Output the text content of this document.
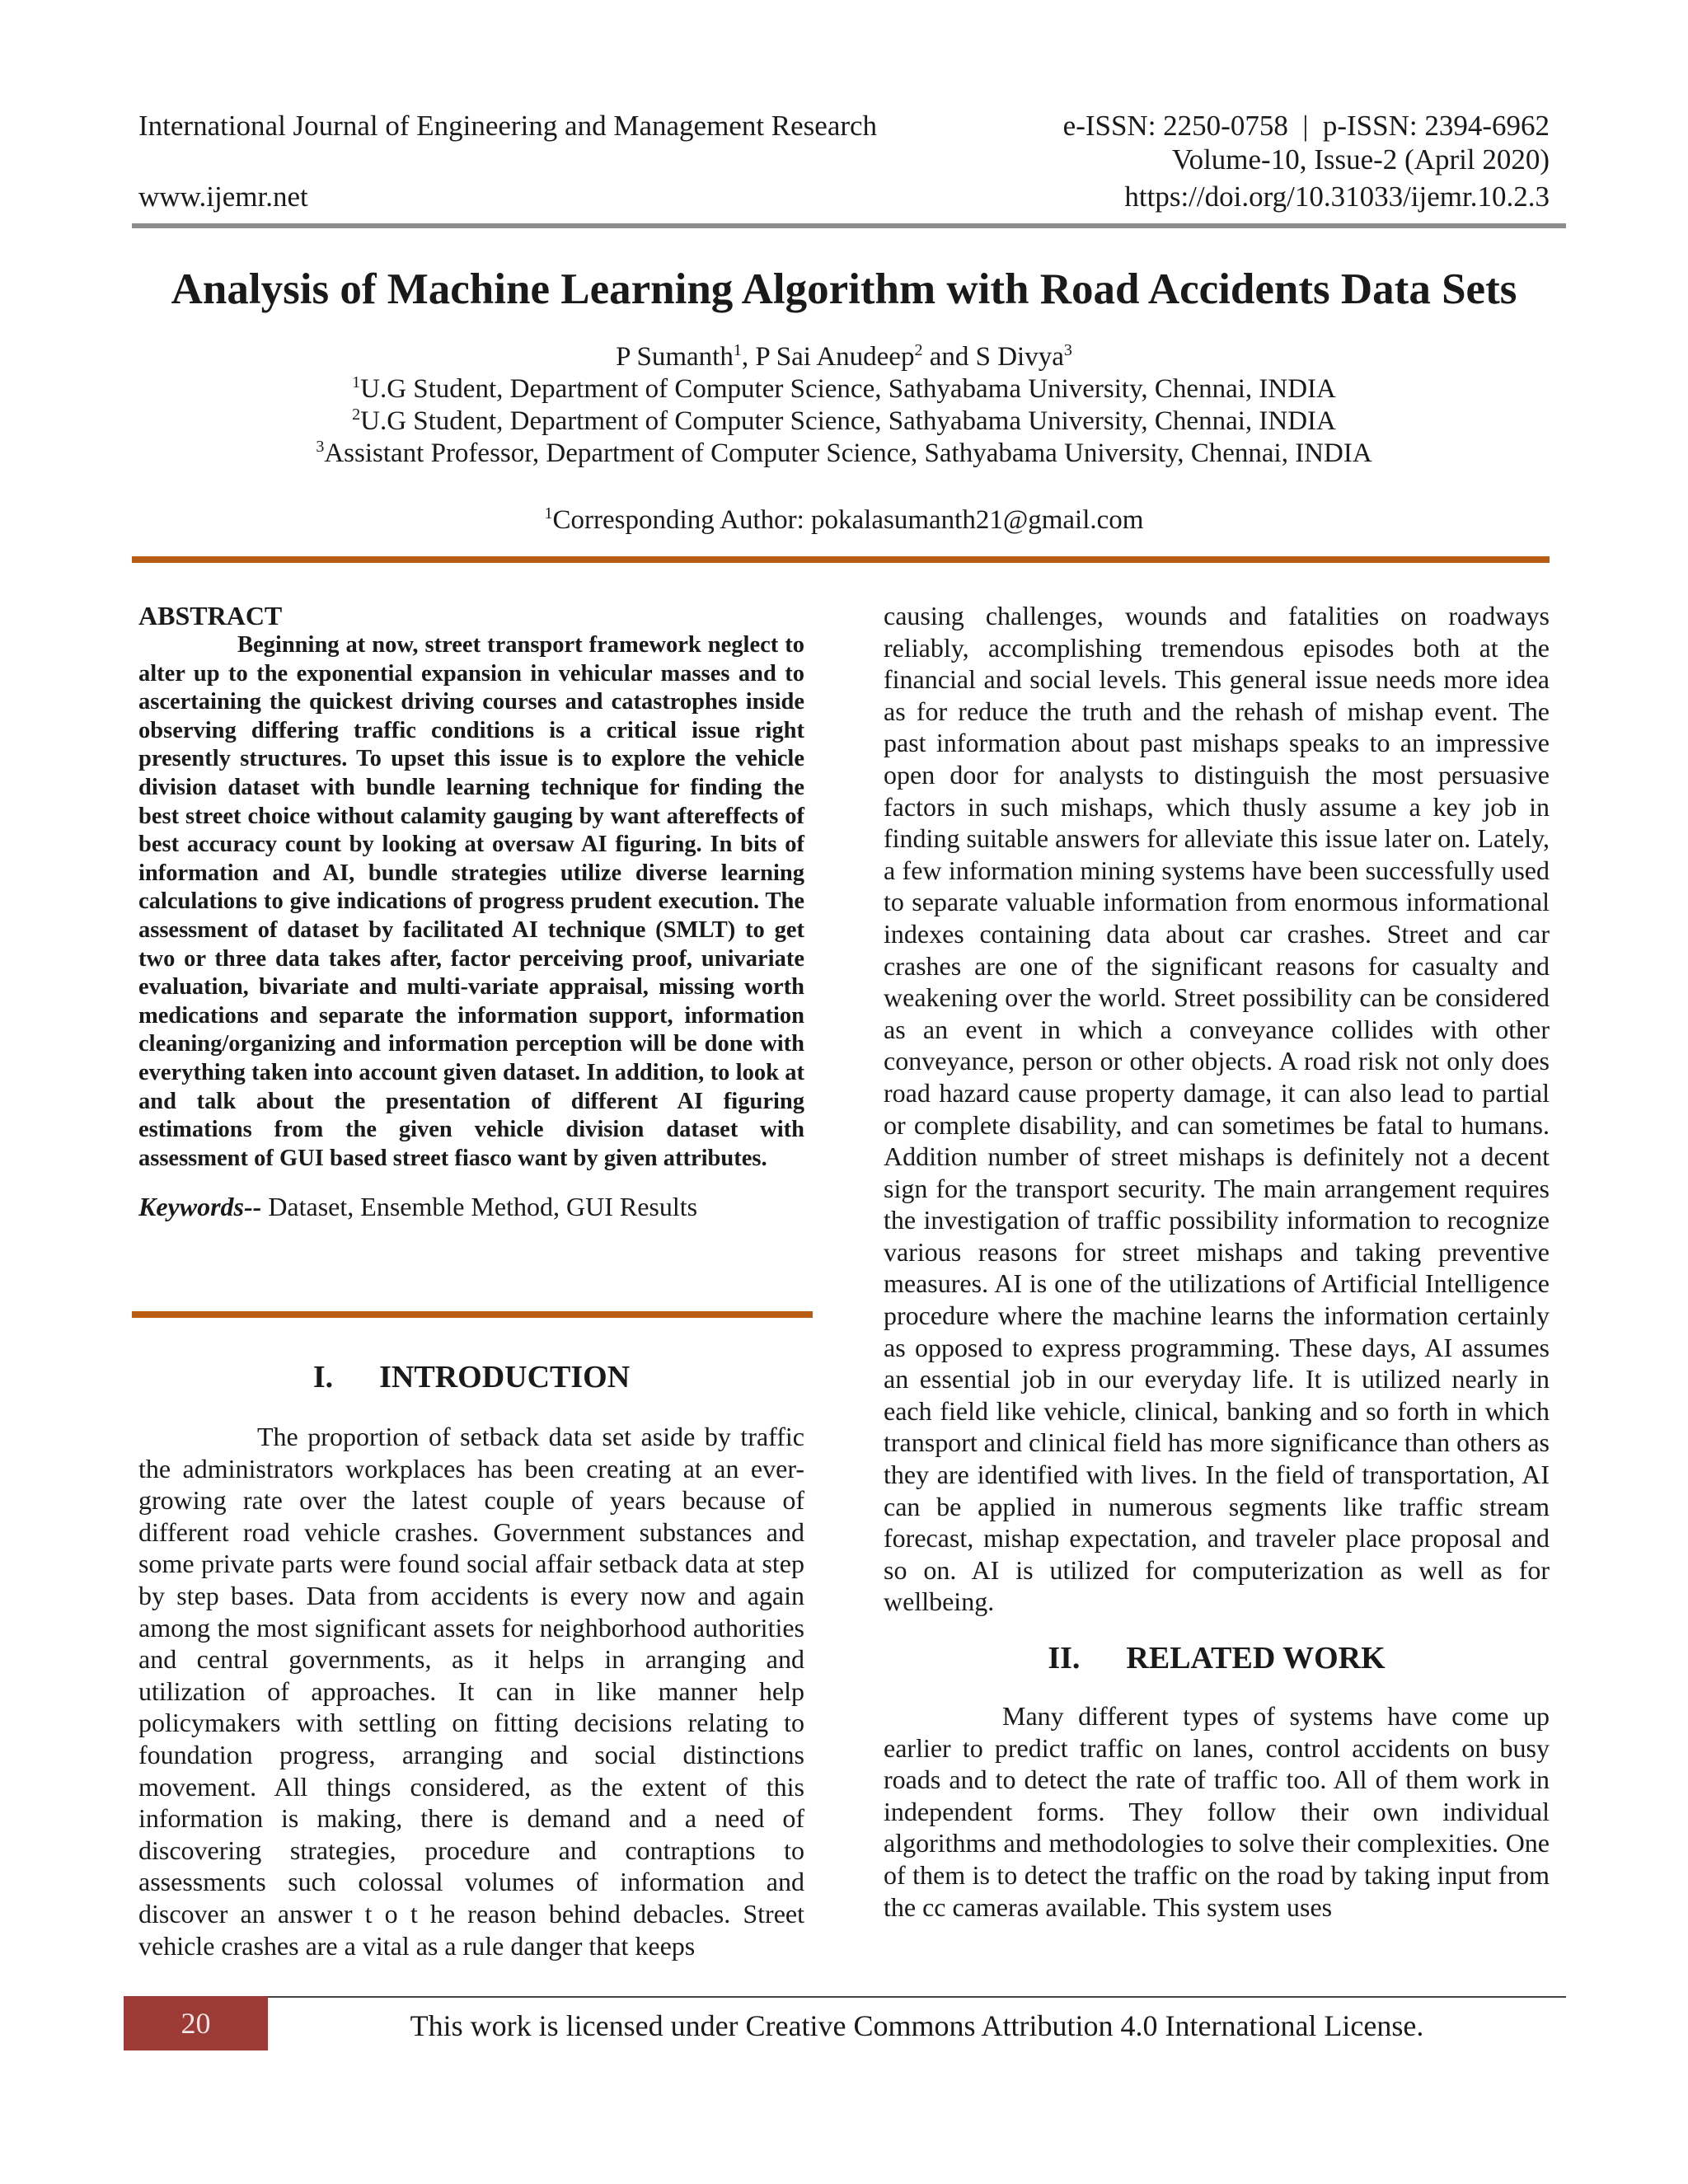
International Journal of Engineering and Management Research	e-ISSN: 2250-0758  |  p-ISSN: 2394-6962
Volume-10, Issue-2 (April 2020)
www.ijemr.net	https://doi.org/10.31033/ijemr.10.2.3
Analysis of Machine Learning Algorithm with Road Accidents Data Sets
P Sumanth$^1$, P Sai Anudeep$^2$ and S Divya$^3$
$^1$U.G Student, Department of Computer Science, Sathyabama University, Chennai, INDIA
$^2$U.G Student, Department of Computer Science, Sathyabama University, Chennai, INDIA
$^3$Assistant Professor, Department of Computer Science, Sathyabama University, Chennai, INDIA
$^1$Corresponding Author: pokalasumanth21@gmail.com
ABSTRACT
Beginning at now, street transport framework neglect to alter up to the exponential expansion in vehicular masses and to ascertaining the quickest driving courses and catastrophes inside observing differing traffic conditions is a critical issue right presently structures. To upset this issue is to explore the vehicle division dataset with bundle learning technique for finding the best street choice without calamity gauging by want aftereffects of best accuracy count by looking at oversaw AI figuring. In bits of information and AI, bundle strategies utilize diverse learning calculations to give indications of progress prudent execution. The assessment of dataset by facilitated AI technique (SMLT) to get two or three data takes after, factor perceiving proof, univariate evaluation, bivariate and multi-variate appraisal, missing worth medications and separate the information support, information cleaning/organizing and information perception will be done with everything taken into account given dataset. In addition, to look at and talk about the presentation of different AI figuring estimations from the given vehicle division dataset with assessment of GUI based street fiasco want by given attributes.
Keywords-- Dataset, Ensemble Method, GUI Results
I. INTRODUCTION
The proportion of setback data set aside by traffic the administrators workplaces has been creating at an ever-growing rate over the latest couple of years because of different road vehicle crashes. Government substances and some private parts were found social affair setback data at step by step bases. Data from accidents is every now and again among the most significant assets for neighborhood authorities and central governments, as it helps in arranging and utilization of approaches. It can in like manner help policymakers with settling on fitting decisions relating to foundation progress, arranging and social distinctions movement. All things considered, as the extent of this information is making, there is demand and a need of discovering strategies, procedure and contraptions to assessments such colossal volumes of information and discover an answer t o t he reason behind debacles. Street vehicle crashes are a vital as a rule danger that keeps
causing challenges, wounds and fatalities on roadways reliably, accomplishing tremendous episodes both at the financial and social levels. This general issue needs more idea as for reduce the truth and the rehash of mishap event. The past information about past mishaps speaks to an impressive open door for analysts to distinguish the most persuasive factors in such mishaps, which thusly assume a key job in finding suitable answers for alleviate this issue later on. Lately, a few information mining systems have been successfully used to separate valuable information from enormous informational indexes containing data about car crashes. Street and car crashes are one of the significant reasons for casualty and weakening over the world. Street possibility can be considered as an event in which a conveyance collides with other conveyance, person or other objects. A road risk not only does road hazard cause property damage, it can also lead to partial or complete disability, and can sometimes be fatal to humans. Addition number of street mishaps is definitely not a decent sign for the transport security. The main arrangement requires the investigation of traffic possibility information to recognize various reasons for street mishaps and taking preventive measures. AI is one of the utilizations of Artificial Intelligence procedure where the machine learns the information certainly as opposed to express programming. These days, AI assumes an essential job in our everyday life. It is utilized nearly in each field like vehicle, clinical, banking and so forth in which transport and clinical field has more significance than others as they are identified with lives. In the field of transportation, AI can be applied in numerous segments like traffic stream forecast, mishap expectation, and traveler place proposal and so on. AI is utilized for computerization as well as for wellbeing.
II. RELATED WORK
Many different types of systems have come up earlier to predict traffic on lanes, control accidents on busy roads and to detect the rate of traffic too. All of them work in independent forms. They follow their own individual algorithms and methodologies to solve their complexities. One of them is to detect the traffic on the road by taking input from the cc cameras available. This system uses
20	This work is licensed under Creative Commons Attribution 4.0 International License.
